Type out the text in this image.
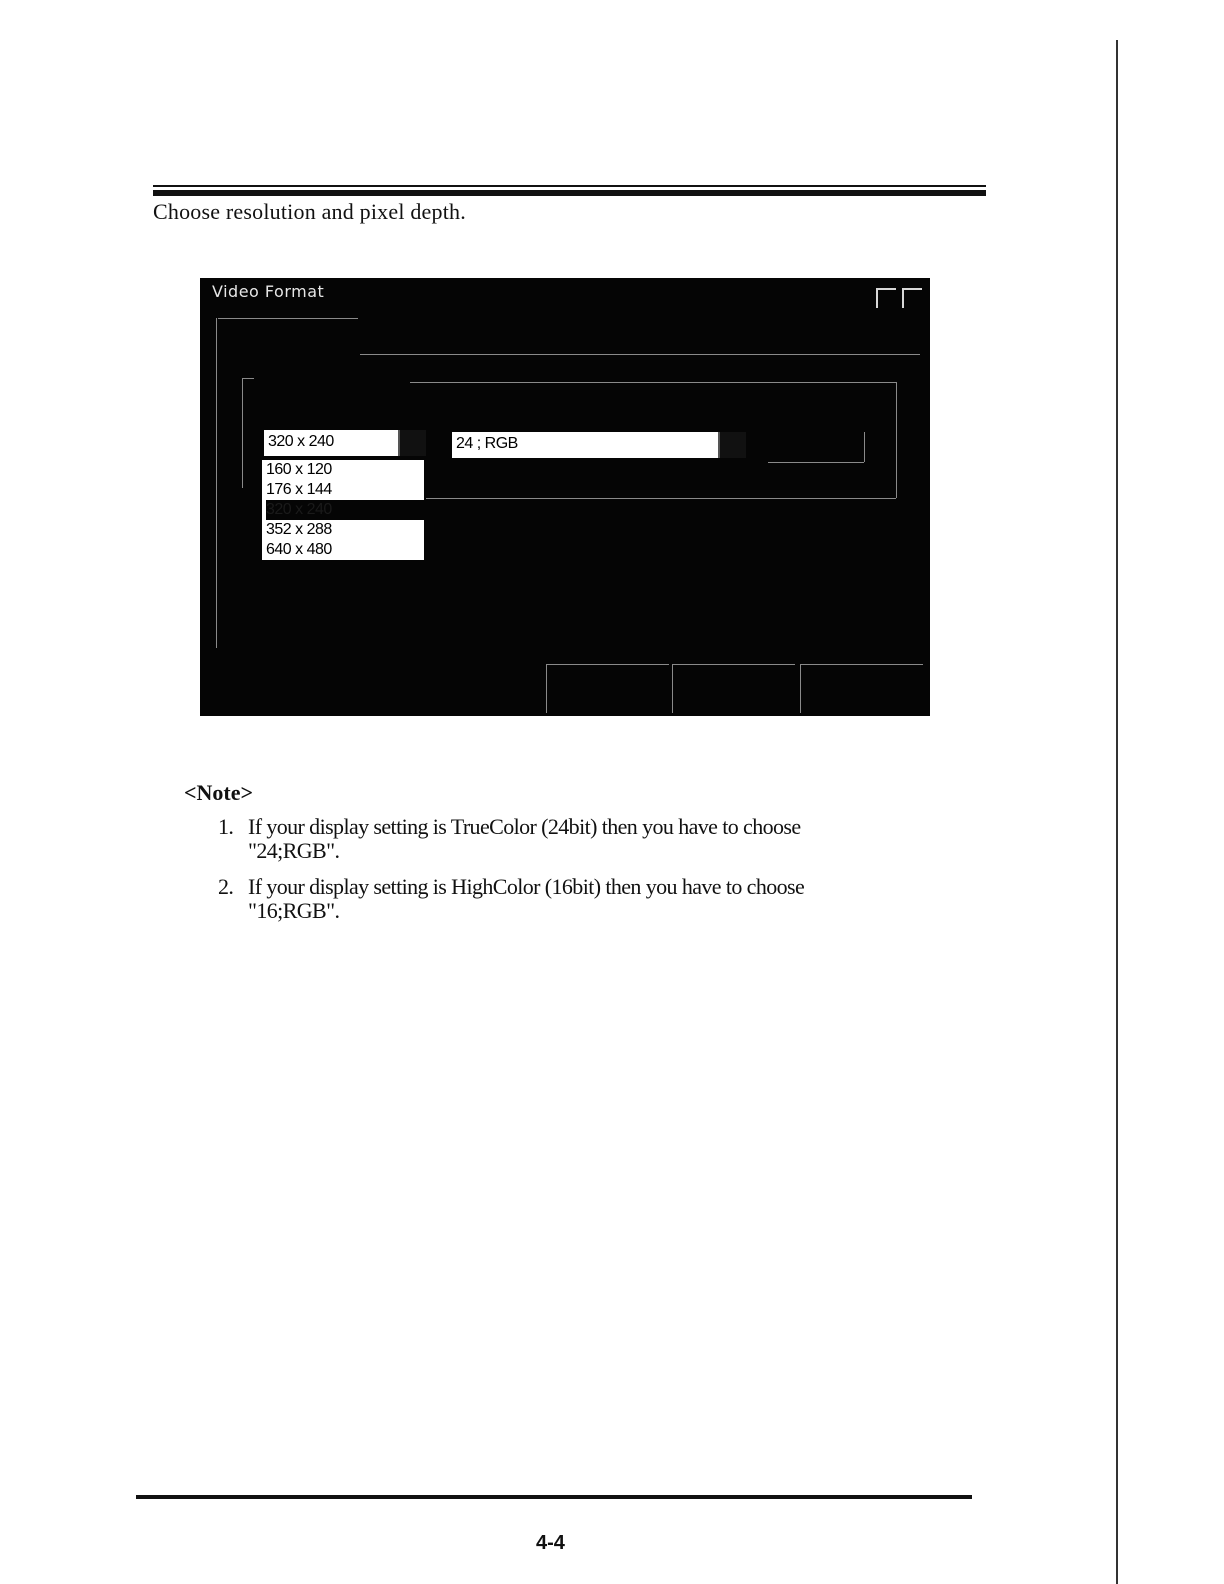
Choose resolution and pixel depth.
Video Format
320 x 240
160 x 120
176 x 144
320 x 240
352 x 288
640 x 480
24 ; RGB
<Note>
1. If your display setting is TrueColor (24bit) then you have to choose
"24;RGB".
2. If your display setting is HighColor (16bit) then you have to choose
"16;RGB".
4-4
